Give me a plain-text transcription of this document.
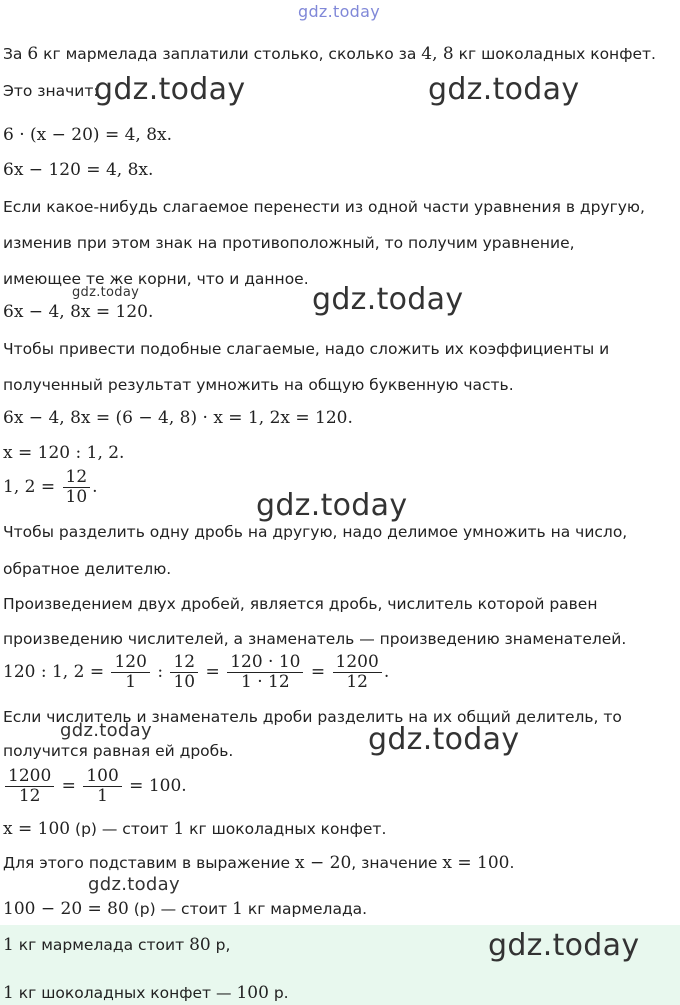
gdz.today
За 6 кг мармелада заплатили столько, сколько за 4, 8 кг шоколадных конфет.
Это значит:
gdz.today	gdz.today
6 · (x − 20) = 4, 8x.
6x − 120 = 4, 8x.
Если какое-нибудь слагаемое перенести из одной части уравнения в другую,
изменив при этом знак на противоположный, то получим уравнение,
имеющее те же корни, что и данное.
gdz.today
6x − 4, 8x = 120.	gdz.today
Чтобы привести подобные слагаемые, надо сложить их коэффициенты и
полученный результат умножить на общую буквенную часть.
6x − 4, 8x = (6 − 4, 8) · x = 1, 2x = 120.
x = 120 : 1, 2.
1, $2 = \frac{12}{10}$ .
gdz.today
Чтобы разделить одну дробь на другую, надо делимое умножить на число,
обратное делителю.
Произведением двух дробей, является дробь, числитель которой равен
произведению числителей, а знаменатель — произведению знаменателей.
120 : 1, $2 = \frac{120}{1}$ : $\frac{12}{10} = \frac{120 \cdot 10}{1 \cdot 12} = \frac{1200}{12}$ .
Если числитель и знаменатель дроби разделить на их общий делитель, то
gdz.today	gdz.today
получится равная ей дробь.
$\frac{1200}{12} = \frac{100}{1} = 100$.
x = 100 (р) — стоит 1 кг шоколадных конфет.
Для этого подставим в выражение x − 20, значение x = 100.
gdz.today
100 − 20 = 80 (р) — стоит 1 кг мармелада.
1 кг мармелада стоит 80 р,	gdz.today
1 кг шоколадных конфет — 100 р.
